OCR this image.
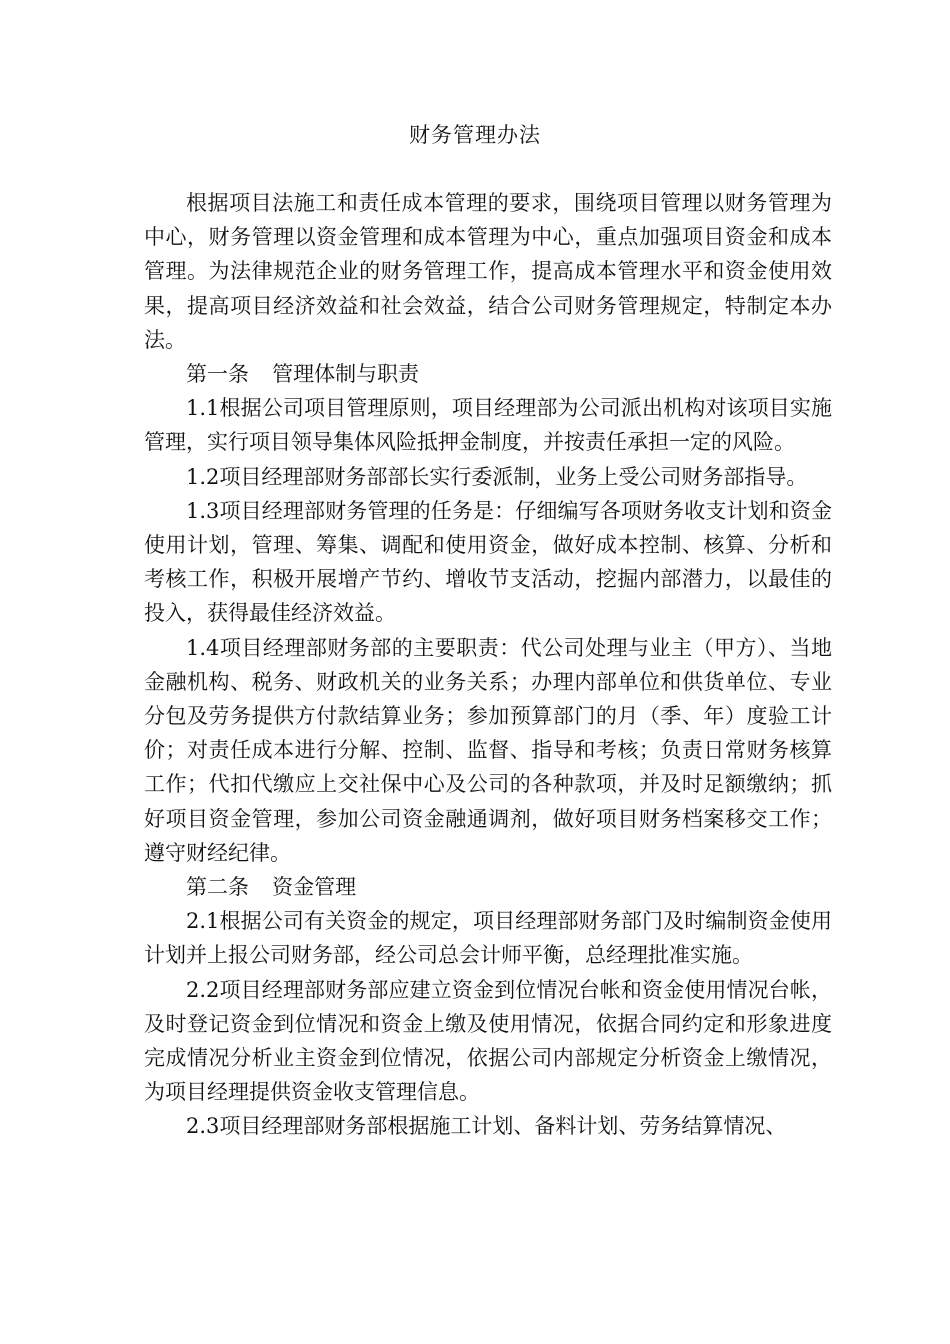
财务管理办法

根据项目法施工和责任成本管理的要求，围绕项目管理以财务管理为中心，财务管理以资金管理和成本管理为中心，重点加强项目资金和成本管理。为法律规范企业的财务管理工作，提高成本管理水平和资金使用效果，提高项目经济效益和社会效益，结合公司财务管理规定，特制定本办法。

第一条 管理体制与职责

1.1根据公司项目管理原则，项目经理部为公司派出机构对该项目实施管理，实行项目领导集体风险抵押金制度，并按责任承担一定的风险。

1.2项目经理部财务部部长实行委派制，业务上受公司财务部指导。

1.3项目经理部财务管理的任务是：仔细编写各项财务收支计划和资金使用计划，管理、筹集、调配和使用资金，做好成本控制、核算、分析和考核工作，积极开展增产节约、增收节支活动，挖掘内部潜力，以最佳的投入，获得最佳经济效益。

1.4项目经理部财务部的主要职责：代公司处理与业主（甲方）、当地金融机构、税务、财政机关的业务关系；办理内部单位和供货单位、专业分包及劳务提供方付款结算业务；参加预算部门的月（季、年）度验工计价；对责任成本进行分解、控制、监督、指导和考核；负责日常财务核算工作；代扣代缴应上交社保中心及公司的各种款项，并及时足额缴纳；抓好项目资金管理，参加公司资金融通调剂，做好项目财务档案移交工作；遵守财经纪律。

第二条 资金管理

2.1根据公司有关资金的规定，项目经理部财务部门及时编制资金使用计划并上报公司财务部，经公司总会计师平衡，总经理批准实施。

2.2项目经理部财务部应建立资金到位情况台帐和资金使用情况台帐，及时登记资金到位情况和资金上缴及使用情况，依据合同约定和形象进度完成情况分析业主资金到位情况，依据公司内部规定分析资金上缴情况，为项目经理提供资金收支管理信息。

2.3项目经理部财务部根据施工计划、备料计划、劳务结算情况、
